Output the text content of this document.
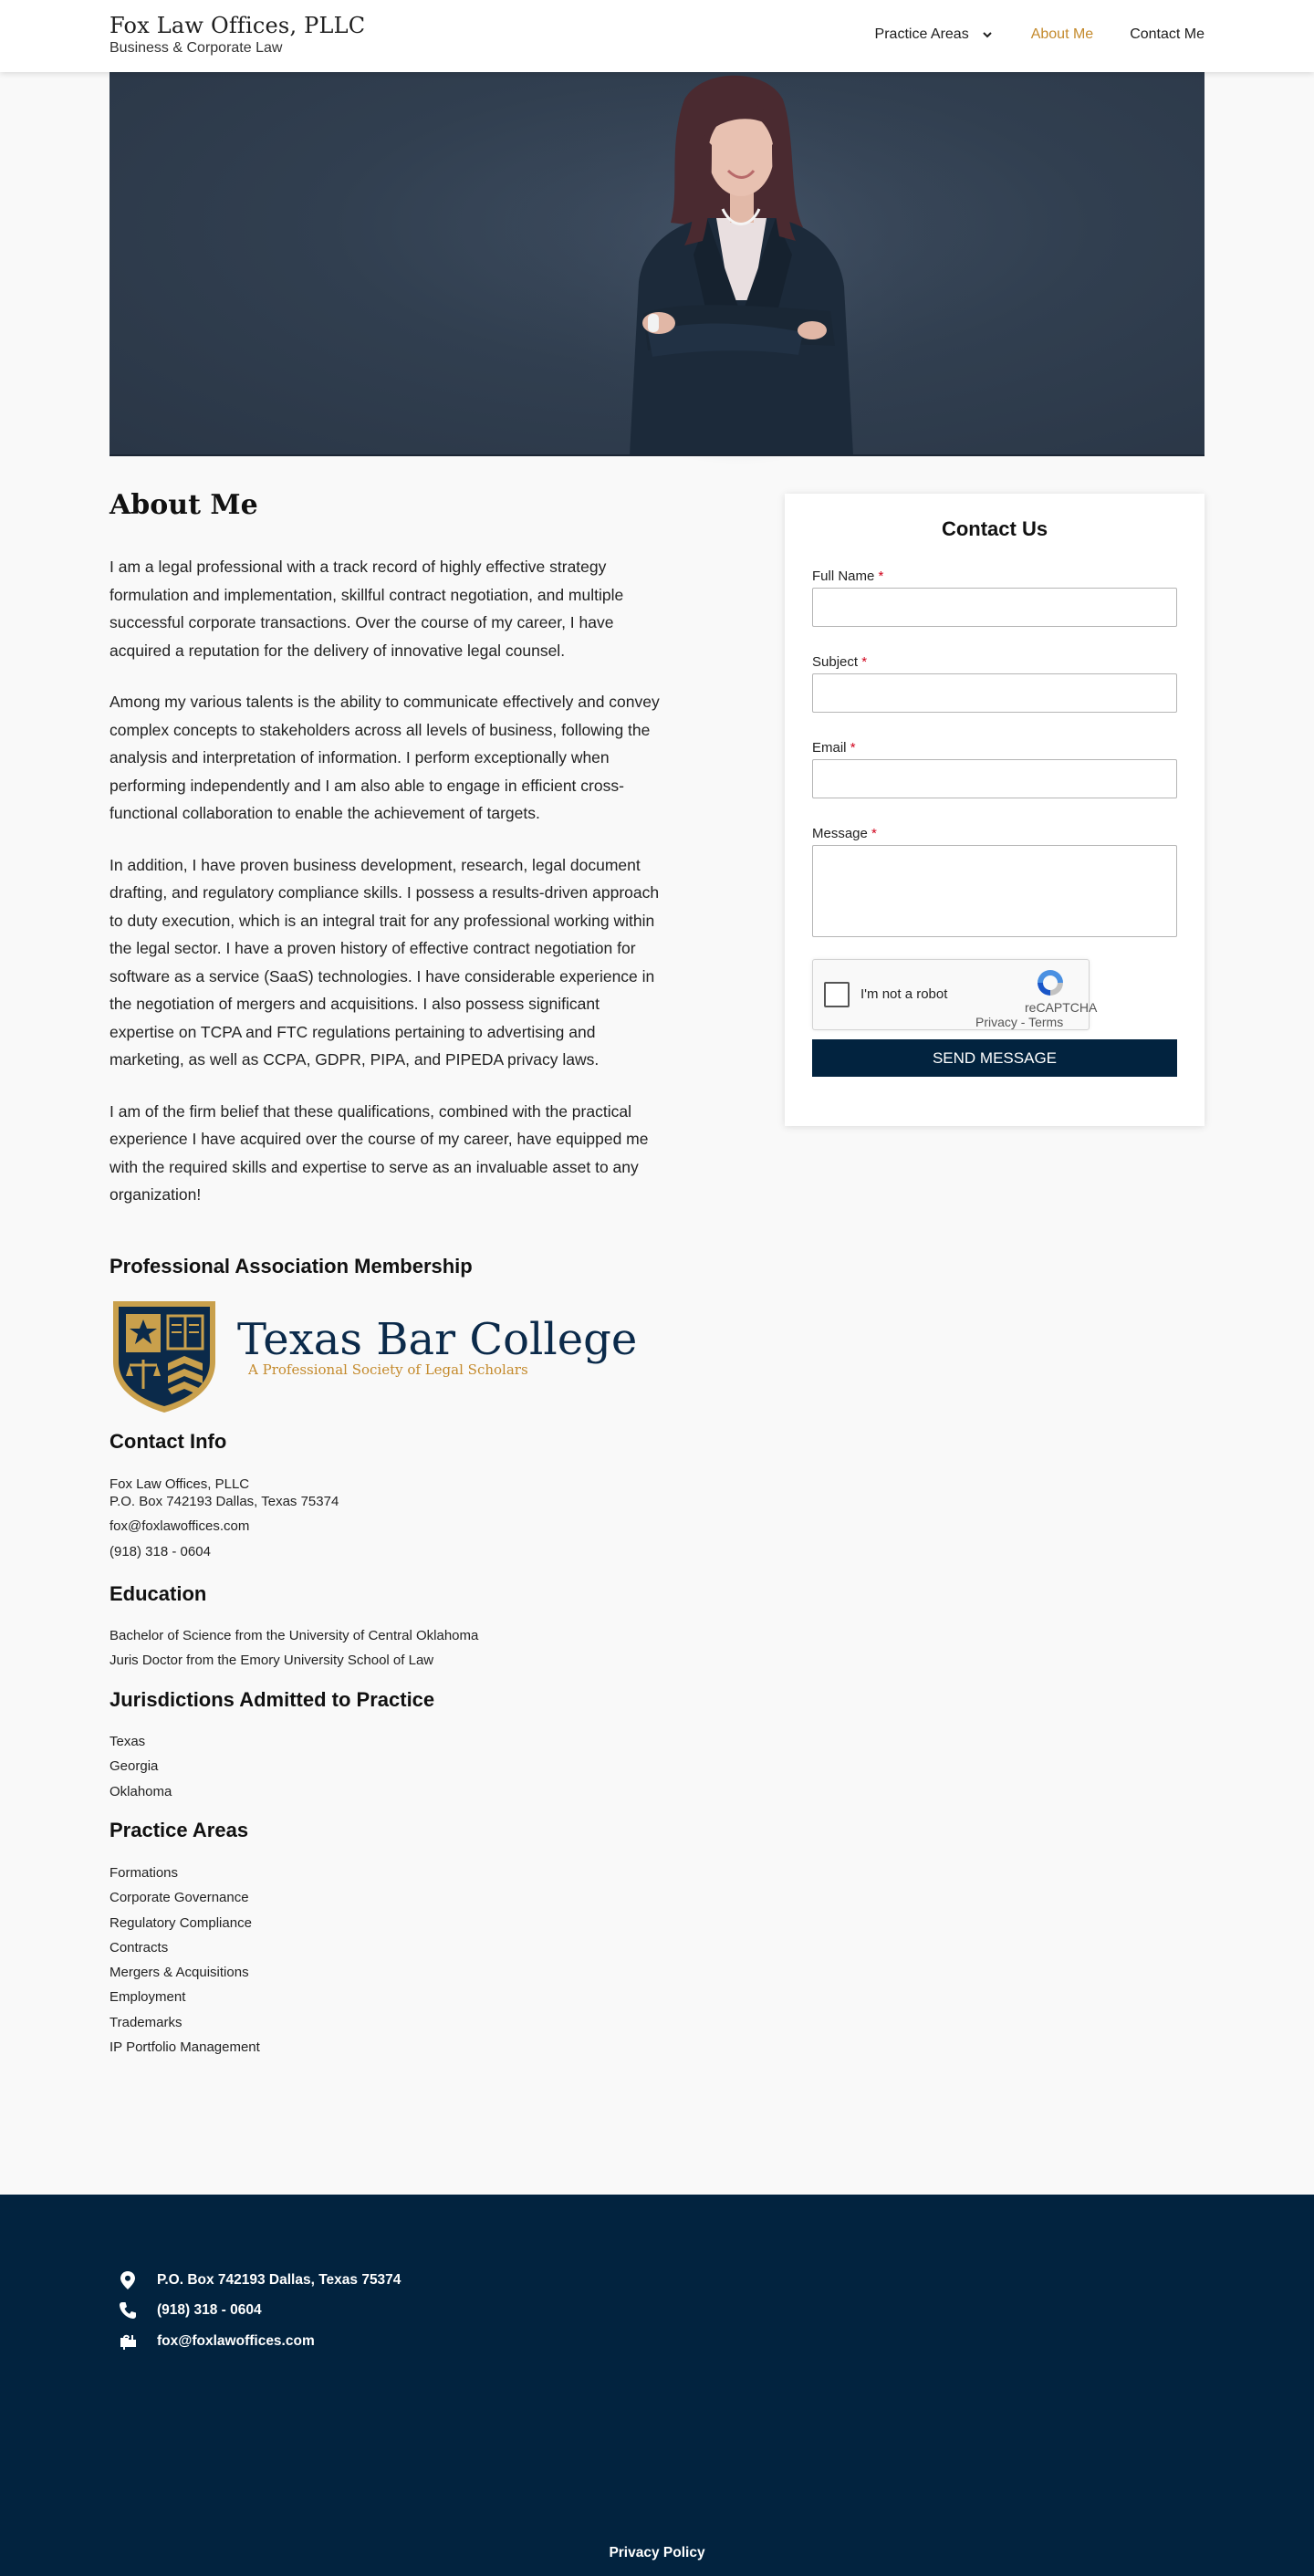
Fox Law Offices, PLLC
Business & Corporate Law
Practice Areas	About Me	Contact Me
About Me

I am a legal professional with a track record of highly effective strategy formulation and implementation, skillful contract negotiation, and multiple successful corporate transactions. Over the course of my career, I have acquired a reputation for the delivery of innovative legal counsel.

Among my various talents is the ability to communicate effectively and convey complex concepts to stakeholders across all levels of business, following the analysis and interpretation of information. I perform exceptionally when performing independently and I am also able to engage in efficient cross-functional collaboration to enable the achievement of targets.

In addition, I have proven business development, research, legal document drafting, and regulatory compliance skills. I possess a results-driven approach to duty execution, which is an integral trait for any professional working within the legal sector. I have a proven history of effective contract negotiation for software as a service (SaaS) technologies. I have considerable experience in the negotiation of mergers and acquisitions. I also possess significant expertise on TCPA and FTC regulations pertaining to advertising and marketing, as well as CCPA, GDPR, PIPA, and PIPEDA privacy laws.

I am of the firm belief that these qualifications, combined with the practical experience I have acquired over the course of my career, have equipped me with the required skills and expertise to serve as an invaluable asset to any organization!

Professional Association Membership
Texas Bar College
A Professional Society of Legal Scholars
Contact Info
Fox Law Offices, PLLC
P.O. Box 742193 Dallas, Texas 75374
fox@foxlawoffices.com
(918) 318 - 0604
Education
Bachelor of Science from the University of Central Oklahoma
Juris Doctor from the Emory University School of Law
Jurisdictions Admitted to Practice
Texas
Georgia
Oklahoma
Practice Areas
Formations
Corporate Governance
Regulatory Compliance
Contracts
Mergers & Acquisitions
Employment
Trademarks
IP Portfolio Management
Contact Us
Full Name *
Subject *
Email *
Message *
I'm not a robot
reCAPTCHA
Privacy - Terms
SEND MESSAGE
P.O. Box 742193 Dallas, Texas 75374
(918) 318 - 0604
fox@foxlawoffices.com
Privacy Policy
